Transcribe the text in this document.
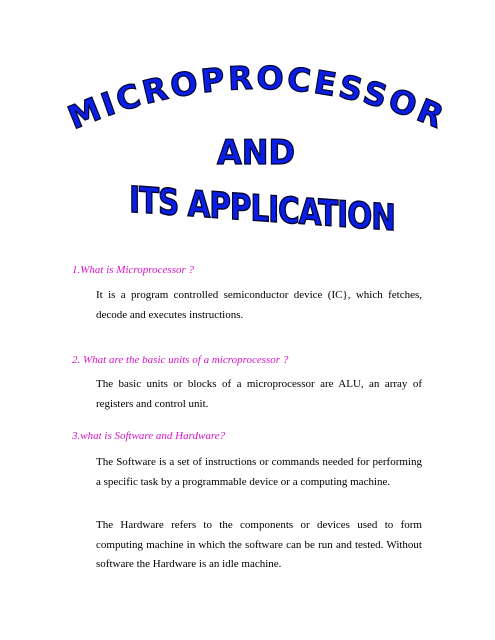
MICROPROCESSOR
AND
ITS APPLICATION
1.What is Microprocessor ?
It is a program controlled semiconductor device (IC}, which fetches, decode and executes instructions.
2. What are the basic units of a microprocessor ?
The basic units or blocks of a microprocessor are ALU, an array of registers and control unit.
3.what is Software and Hardware?
The Software is a set of instructions or commands needed for performing a specific task by a programmable device or a computing machine.
The Hardware refers to the components or devices used to form computing machine in which the software can be run and tested. Without software the Hardware is an idle machine.
